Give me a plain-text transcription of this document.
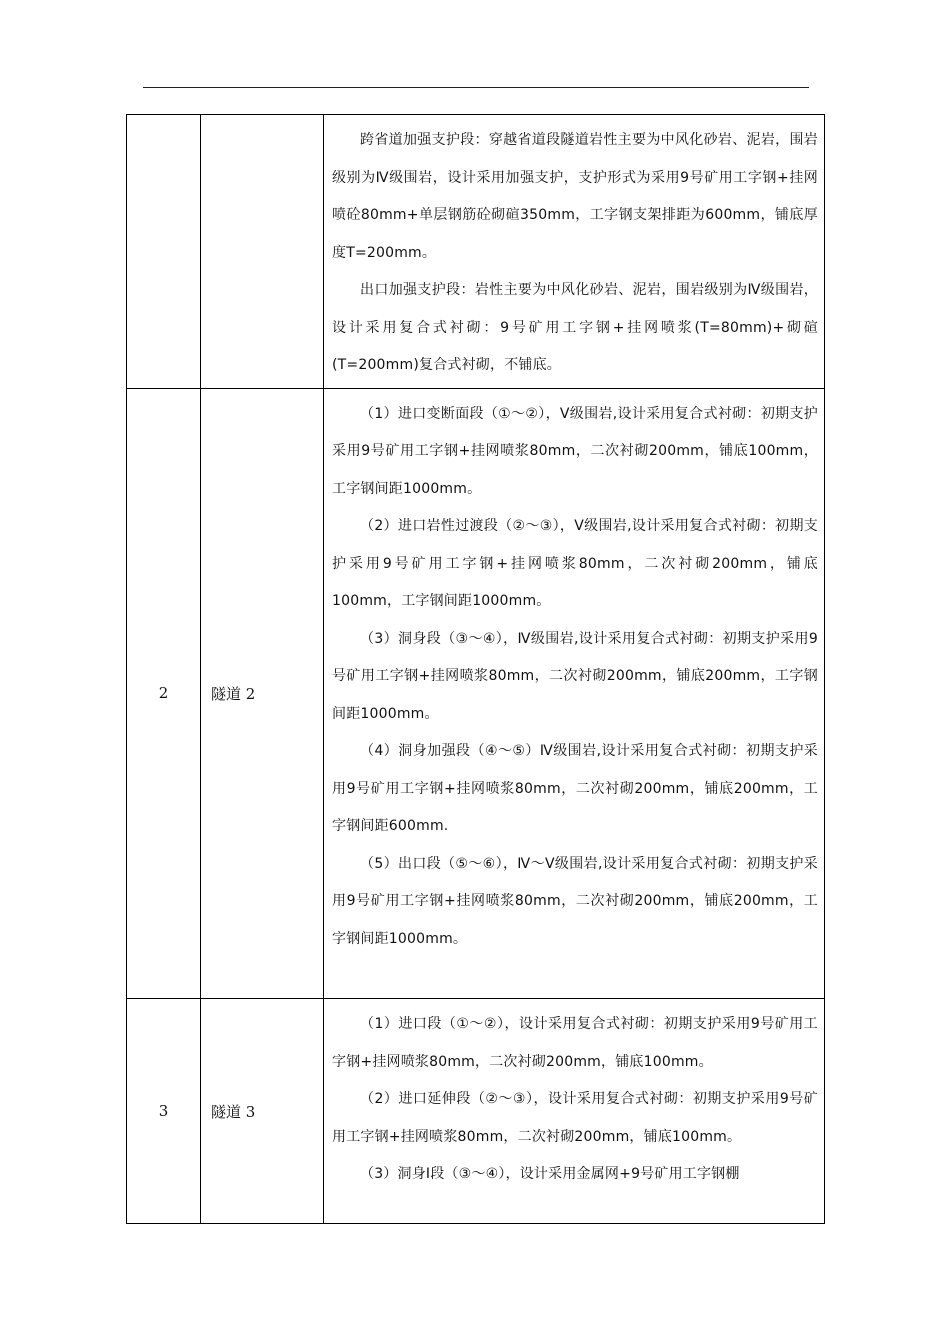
		跨省道加强支护段：穿越省道段隧道岩性主要为中风化砂岩、泥岩，围岩级别为Ⅳ级围岩，设计采用加强支护，支护形式为采用9号矿用工字钢+挂网喷砼80mm+单层钢筋砼砌碹350mm，工字钢支架排距为600mm，铺底厚度T=200mm。

出口加强支护段：岩性主要为中风化砂岩、泥岩，围岩级别为Ⅳ级围岩，设计采用复合式衬砌：9号矿用工字钢+挂网喷浆(T=80mm)+砌碹(T=200mm)复合式衬砌，不铺底。

2	隧道 2	（1）进口变断面段（①～②），Ⅴ级围岩,设计采用复合式衬砌：初期支护采用9号矿用工字钢+挂网喷浆80mm，二次衬砌200mm，铺底100mm，工字钢间距1000mm。

（2）进口岩性过渡段（②～③），Ⅴ级围岩,设计采用复合式衬砌：初期支护采用9号矿用工字钢+挂网喷浆80mm，二次衬砌200mm，铺底100mm，工字钢间距1000mm。

（3）洞身段（③～④），Ⅳ级围岩,设计采用复合式衬砌：初期支护采用9号矿用工字钢+挂网喷浆80mm，二次衬砌200mm，铺底200mm，工字钢间距1000mm。

（4）洞身加强段（④～⑤）Ⅳ级围岩,设计采用复合式衬砌：初期支护采用9号矿用工字钢+挂网喷浆80mm，二次衬砌200mm，铺底200mm，工字钢间距600mm.

（5）出口段（⑤～⑥），Ⅳ～Ⅴ级围岩,设计采用复合式衬砌：初期支护采用9号矿用工字钢+挂网喷浆80mm，二次衬砌200mm，铺底200mm，工字钢间距1000mm。

3	隧道 3	（1）进口段（①～②），设计采用复合式衬砌：初期支护采用9号矿用工字钢+挂网喷浆80mm，二次衬砌200mm，铺底100mm。

（2）进口延伸段（②～③），设计采用复合式衬砌：初期支护采用9号矿用工字钢+挂网喷浆80mm，二次衬砌200mm，铺底100mm。

（3）洞身Ⅰ段（③～④），设计采用金属网+9号矿用工字钢棚
